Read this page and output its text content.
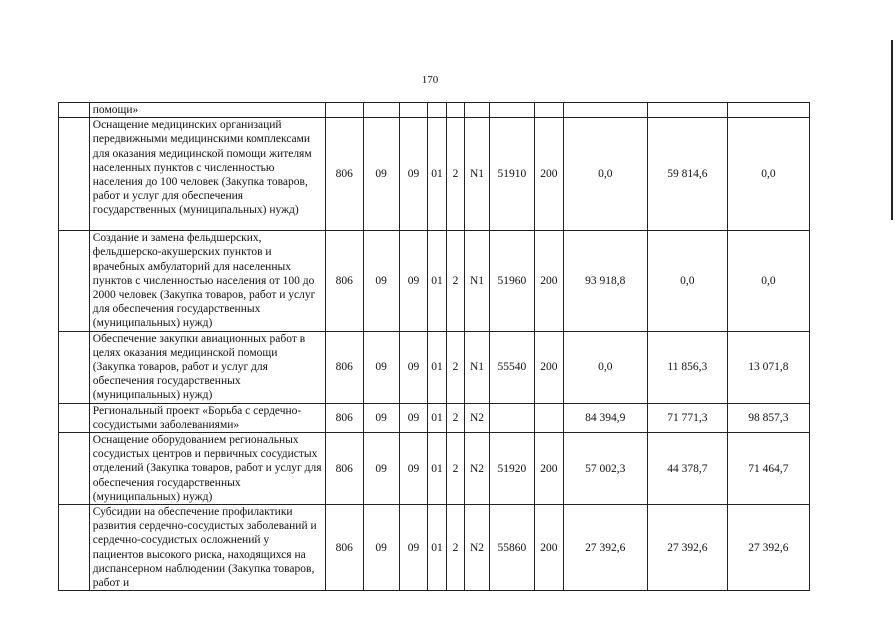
170
	помощи»											
	Оснащение медицинских организаций передвижными медицинскими комплексами для оказания медицинской помощи жителям населенных пунктов с численностью населения до 100 человек (Закупка товаров, работ и услуг для обеспечения государственных (муниципальных) нужд)	806	09	09	01	2	N1	51910	200	0,0	59 814,6	0,0
	Создание и замена фельдшерских, фельдшерско-акушерских пунктов и врачебных амбулаторий для населенных пунктов с численностью населения от 100 до 2000 человек (Закупка товаров, работ и услуг для обеспечения государственных (муниципальных) нужд)	806	09	09	01	2	N1	51960	200	93 918,8	0,0	0,0
	Обеспечение закупки авиационных работ в целях оказания медицинской помощи (Закупка товаров, работ и услуг для обеспечения государственных (муниципальных) нужд)	806	09	09	01	2	N1	55540	200	0,0	11 856,3	13 071,8
	Региональный проект «Борьба с сердечно-сосудистыми заболеваниями»	806	09	09	01	2	N2			84 394,9	71 771,3	98 857,3
	Оснащение оборудованием региональных сосудистых центров и первичных сосудистых отделений (Закупка товаров, работ и услуг для обеспечения государственных (муниципальных) нужд)	806	09	09	01	2	N2	51920	200	57 002,3	44 378,7	71 464,7
	Субсидии на обеспечение профилактики развития сердечно-сосудистых заболеваний и сердечно-сосудистых осложнений у пациентов высокого риска, находящихся на диспансерном наблюдении (Закупка товаров, работ и	806	09	09	01	2	N2	55860	200	27 392,6	27 392,6	27 392,6
